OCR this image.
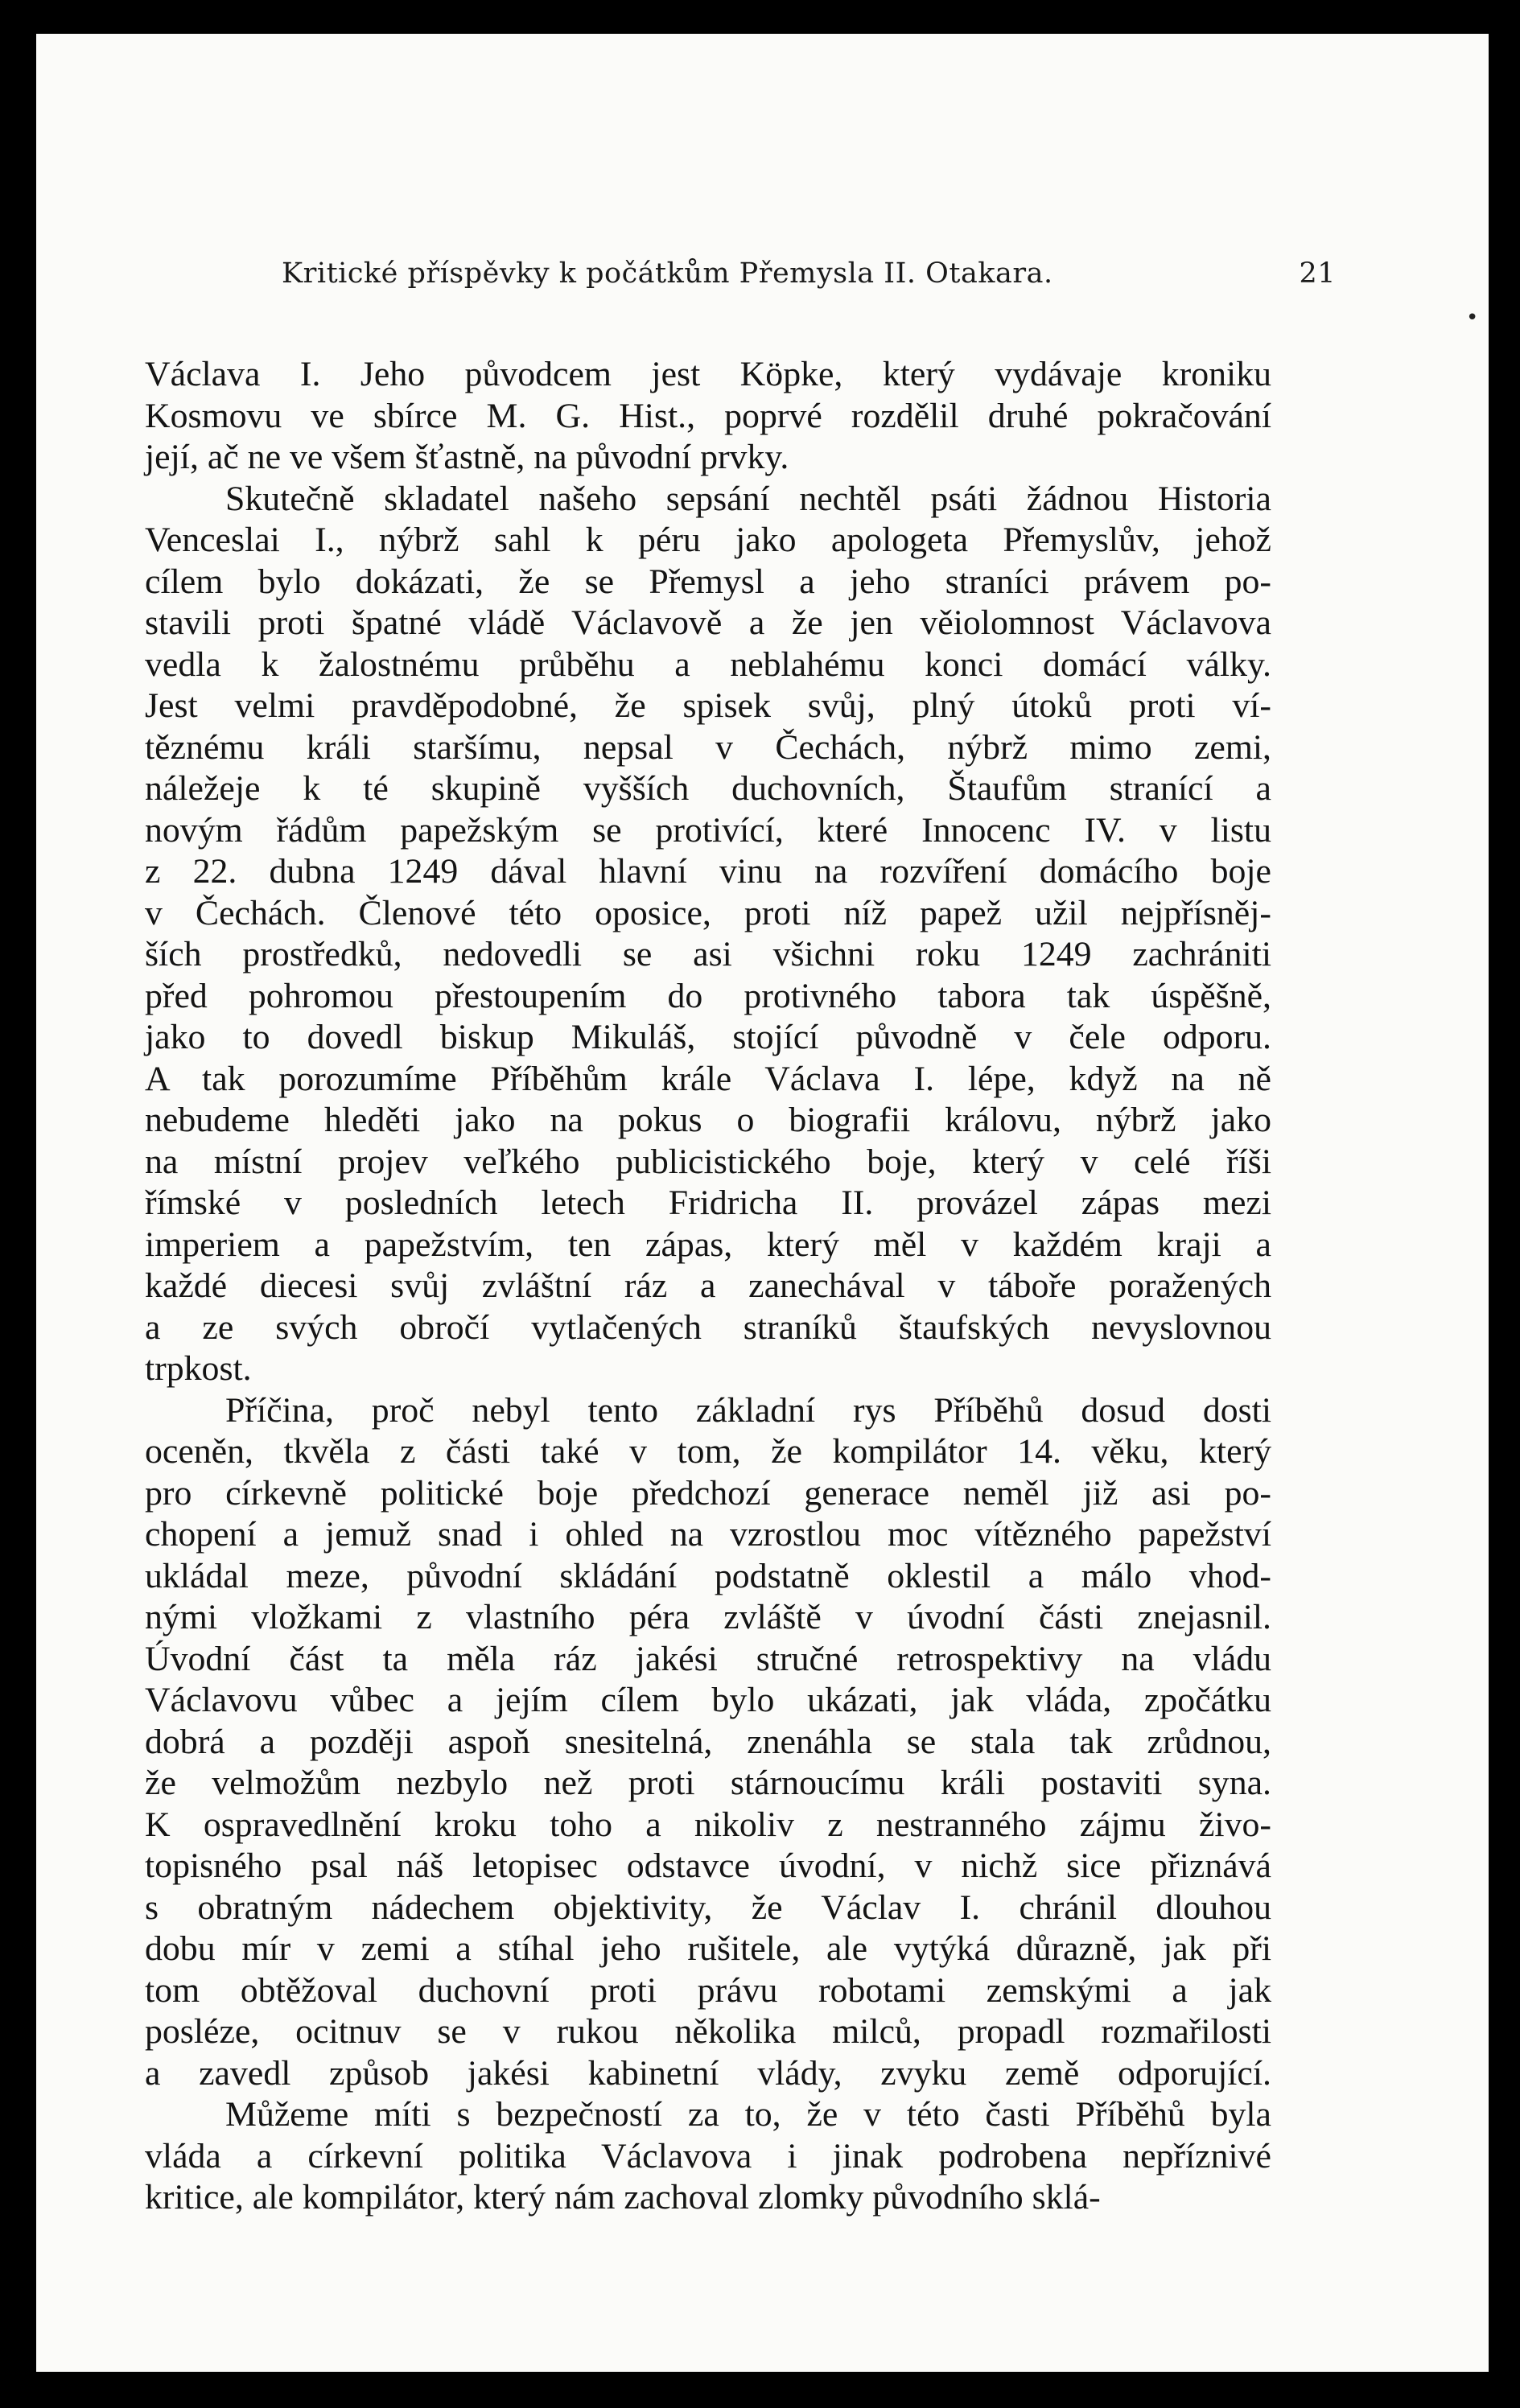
Kritické příspěvky k počátkům Přemysla II. Otakara.	21
•
Václava I. Jeho původcem jest Köpke, který vydávaje kroniku
Kosmovu ve sbírce M. G. Hist., poprvé rozdělil druhé pokračování
její, ač ne ve všem šťastně, na původní prvky.
Skutečně skladatel našeho sepsání nechtěl psáti žádnou Historia
Venceslai I., nýbrž sahl k péru jako apologeta Přemyslův, jehož
cílem bylo dokázati, že se Přemysl a jeho straníci právem po-
stavili proti špatné vládě Václavově a že jen věiolomnost Václavova
vedla k žalostnému průběhu a neblahému konci domácí války.
Jest velmi pravděpodobné, že spisek svůj, plný útoků proti ví-
těznému králi staršímu, nepsal v Čechách, nýbrž mimo zemi,
náležeje k té skupině vyšších duchovních, Štaufům stranící a
novým řádům papežským se protivící, které Innocenc IV. v listu
z 22. dubna 1249 dával hlavní vinu na rozvíření domácího boje
v Čechách. Členové této oposice, proti níž papež užil nejpřísněj-
ších prostředků, nedovedli se asi všichni roku 1249 zachrániti
před pohromou přestoupením do protivného tabora tak úspěšně,
jako to dovedl biskup Mikuláš, stojící původně v čele odporu.
A tak porozumíme Příběhům krále Václava I. lépe, když na ně
nebudeme hleděti jako na pokus o biografii královu, nýbrž jako
na místní projev veľkého publicistického boje, který v celé říši
římské v posledních letech Fridricha II. provázel zápas mezi
imperiem a papežstvím, ten zápas, který měl v každém kraji a
každé diecesi svůj zvláštní ráz a zanechával v táboře poražených
a ze svých obročí vytlačených straníků štaufských nevyslovnou
trpkost.
Příčina, proč nebyl tento základní rys Příběhů dosud dosti
oceněn, tkvěla z části také v tom, že kompilátor 14. věku, který
pro církevně politické boje předchozí generace neměl již asi po-
chopení a jemuž snad i ohled na vzrostlou moc vítězného papežství
ukládal meze, původní skládání podstatně oklestil a málo vhod-
nými vložkami z vlastního péra zvláště v úvodní části znejasnil.
Úvodní část ta měla ráz jakési stručné retrospektivy na vládu
Václavovu vůbec a jejím cílem bylo ukázati, jak vláda, zpočátku
dobrá a později aspoň snesitelná, znenáhla se stala tak zrůdnou,
že velmožům nezbylo než proti stárnoucímu králi postaviti syna.
K ospravedlnění kroku toho a nikoliv z nestranného zájmu živo-
topisného psal náš letopisec odstavce úvodní, v nichž sice přiznává
s obratným nádechem objektivity, že Václav I. chránil dlouhou
dobu mír v zemi a stíhal jeho rušitele, ale vytýká důrazně, jak při
tom obtěžoval duchovní proti právu robotami zemskými a jak
posléze, ocitnuv se v rukou několika milců, propadl rozmařilosti
a zavedl způsob jakési kabinetní vlády, zvyku země odporující.
Můžeme míti s bezpečností za to, že v této časti Příběhů byla
vláda a církevní politika Václavova i jinak podrobena nepříznivé
kritice, ale kompilátor, který nám zachoval zlomky původního sklá-
